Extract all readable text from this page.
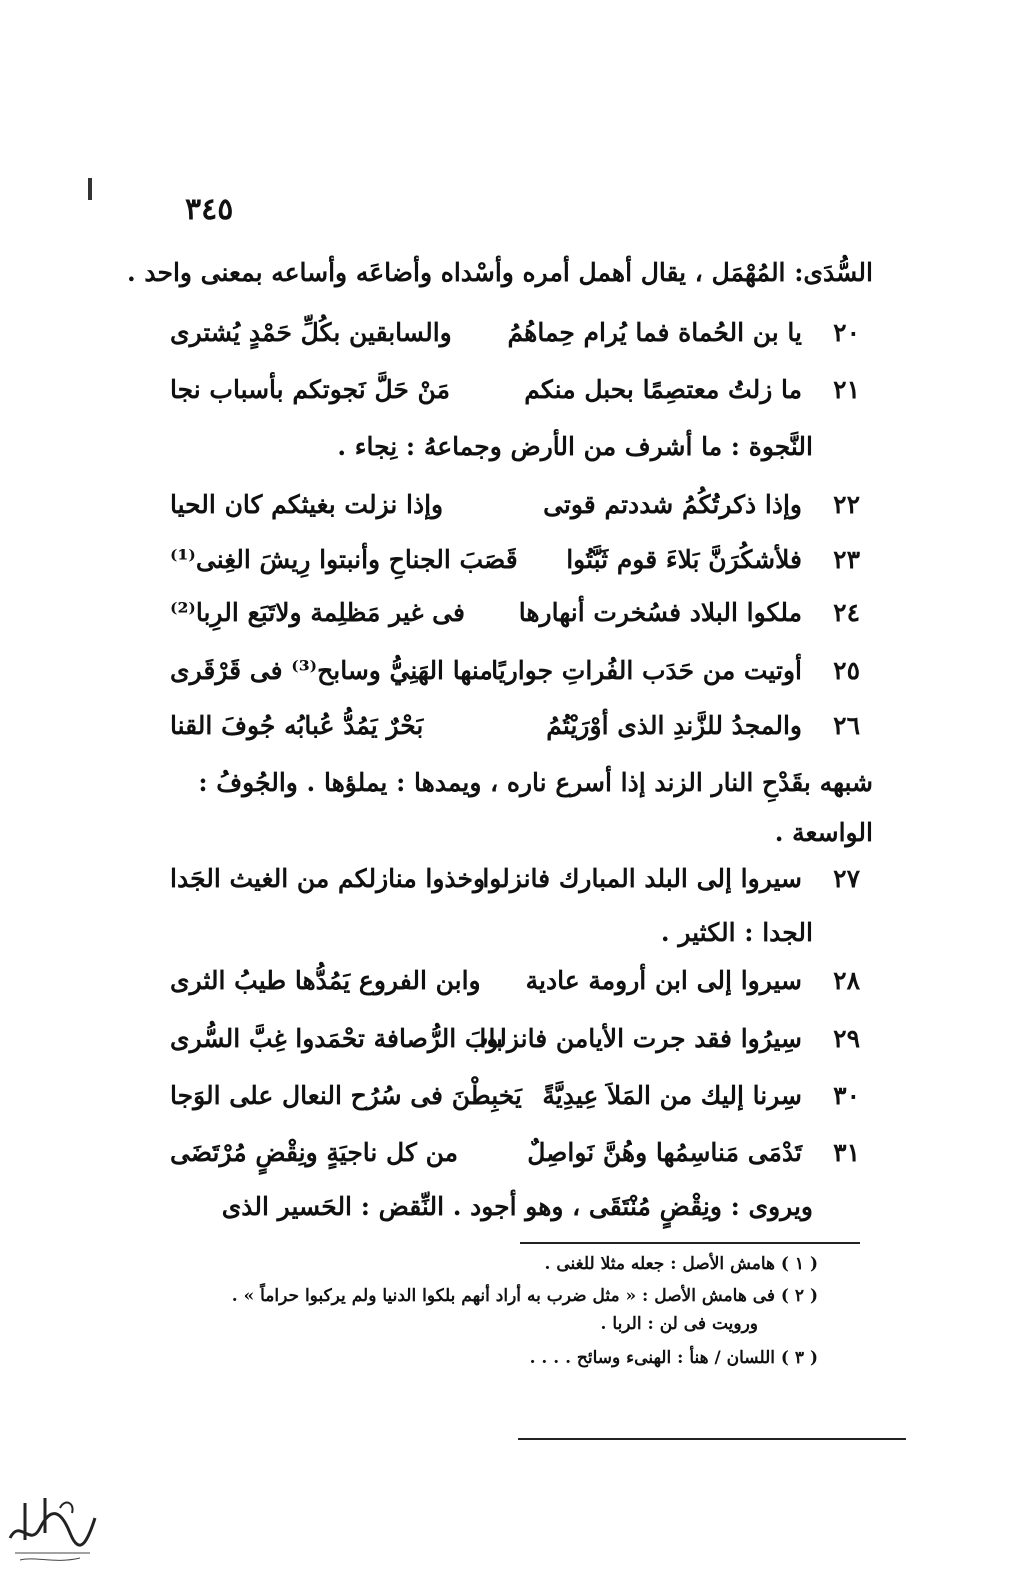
٣٤٥
السُّدَى: المُهْمَل ، يقال أهمل أمره وأسْداه وأضاعَه وأساعه بمعنى واحد .
٢٠
يا بن الحُماة فما يُرام حِماهُمُ
والسابقين بكُلِّ حَمْدٍ يُشترى
٢١
ما زلتُ معتصِمًا بحبل منكم
مَنْ حَلَّ نَجوتكم بأسباب نجا
النَّجوة : ما أشرف من الأرض وجماعهُ : نِجاء .
٢٢
وإذا ذكرتُكُمُ شددتم قوتى
وإذا نزلت بغيثكم كان الحيا
٢٣
فلأشكُرَنَّ بَلاءَ قوم ثَبَّتُوا
قَصَبَ الجناحِ وأنبتوا رِيشَ الغِنى⁽¹⁾
٢٤
ملكوا البلاد فسُخرت أنهارها
فى غير مَظلِمة ولاتَبَع الرِبا⁽²⁾
٢٥
أوتيت من حَدَب الفُراتِ جواريًا
منها الهَنِيُّ وسابح⁽³⁾ فى قَرْقَرى
٢٦
والمجدُ للزَّندِ الذى أوْرَيْتُمُ
بَحْرٌ يَمُدُّ عُبابُه جُوفَ القنا
شبهه بقَدْحِ النار الزند إذا أسرع ناره ، ويمدها : يملؤها . والجُوفُ :
الواسعة .
٢٧
سيروا إلى البلد المبارك فانزلوا
وخذوا منازلكم من الغيث الجَدا
الجدا : الكثير .
٢٨
سيروا إلى ابن أرومة عادية
وابن الفروع يَمُدُّها طيبُ الثرى
٢٩
سِيرُوا فقد جرت الأيامن فانزلوا
بابَ الرُّصافة تحْمَدوا غِبَّ السُّرى
٣٠
سِرنا إليك من المَلاَ عِيدِيَّةً
يَخبِطْنَ فى سُرُح النعال على الوَجا
٣١
تَدْمَى مَناسِمُها وهُنَّ نَواصِلٌ
من كل ناجيَةٍ ونِقْضٍ مُرْتَضَى
ويروى : ونِقْضٍ مُنْتَقَى ، وهو أجود . النِّقض : الحَسير الذى
( ١ ) هامش الأصل : جعله مثلا للغنى .
( ٢ ) فى هامش الأصل : « مثل ضرب به أراد أنهم بلكوا الدنيا ولم يركبوا حراماً » .
ورويت فى لن : الربا .
( ٣ ) اللسان / هنأ : الهنىء وسائح . . . .
